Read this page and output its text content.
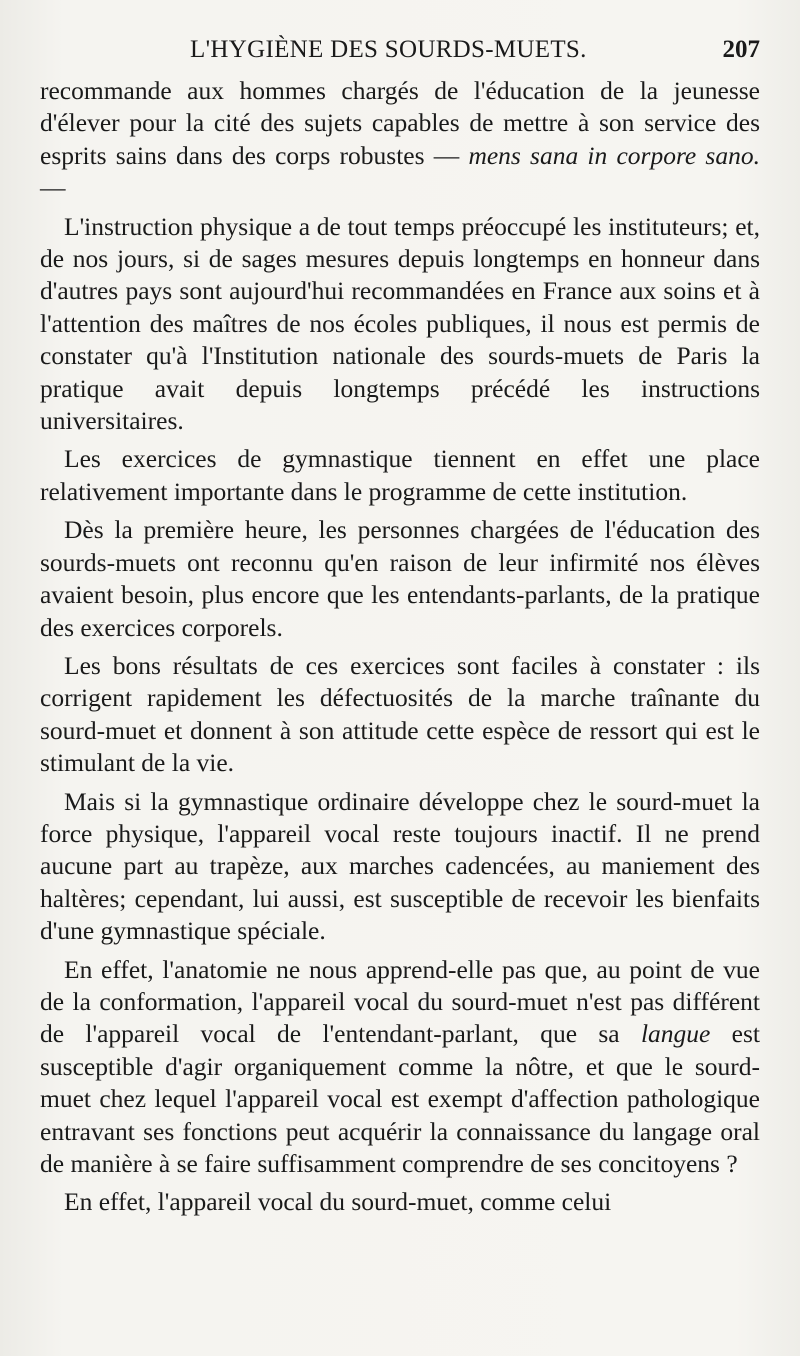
L'HYGIÈNE DES SOURDS-MUETS.	207

recommande aux hommes chargés de l'éducation de la jeunesse d'élever pour la cité des sujets capables de mettre à son service des esprits sains dans des corps robustes — mens sana in corpore sano. —

L'instruction physique a de tout temps préoccupé les instituteurs; et, de nos jours, si de sages mesures depuis longtemps en honneur dans d'autres pays sont aujourd'hui recommandées en France aux soins et à l'attention des maîtres de nos écoles publiques, il nous est permis de constater qu'à l'Institution nationale des sourds-muets de Paris la pratique avait depuis longtemps précédé les instructions universitaires.

Les exercices de gymnastique tiennent en effet une place relativement importante dans le programme de cette institution.

Dès la première heure, les personnes chargées de l'éducation des sourds-muets ont reconnu qu'en raison de leur infirmité nos élèves avaient besoin, plus encore que les entendants-parlants, de la pratique des exercices corporels.

Les bons résultats de ces exercices sont faciles à constater : ils corrigent rapidement les défectuosités de la marche traînante du sourd-muet et donnent à son attitude cette espèce de ressort qui est le stimulant de la vie.

Mais si la gymnastique ordinaire développe chez le sourd-muet la force physique, l'appareil vocal reste toujours inactif. Il ne prend aucune part au trapèze, aux marches cadencées, au maniement des haltères; cependant, lui aussi, est susceptible de recevoir les bienfaits d'une gymnastique spéciale.

En effet, l'anatomie ne nous apprend-elle pas que, au point de vue de la conformation, l'appareil vocal du sourd-muet n'est pas différent de l'appareil vocal de l'entendant-parlant, que sa langue est susceptible d'agir organiquement comme la nôtre, et que le sourd-muet chez lequel l'appareil vocal est exempt d'affection pathologique entravant ses fonctions peut acquérir la connaissance du langage oral de manière à se faire suffisamment comprendre de ses concitoyens ?

En effet, l'appareil vocal du sourd-muet, comme celui
